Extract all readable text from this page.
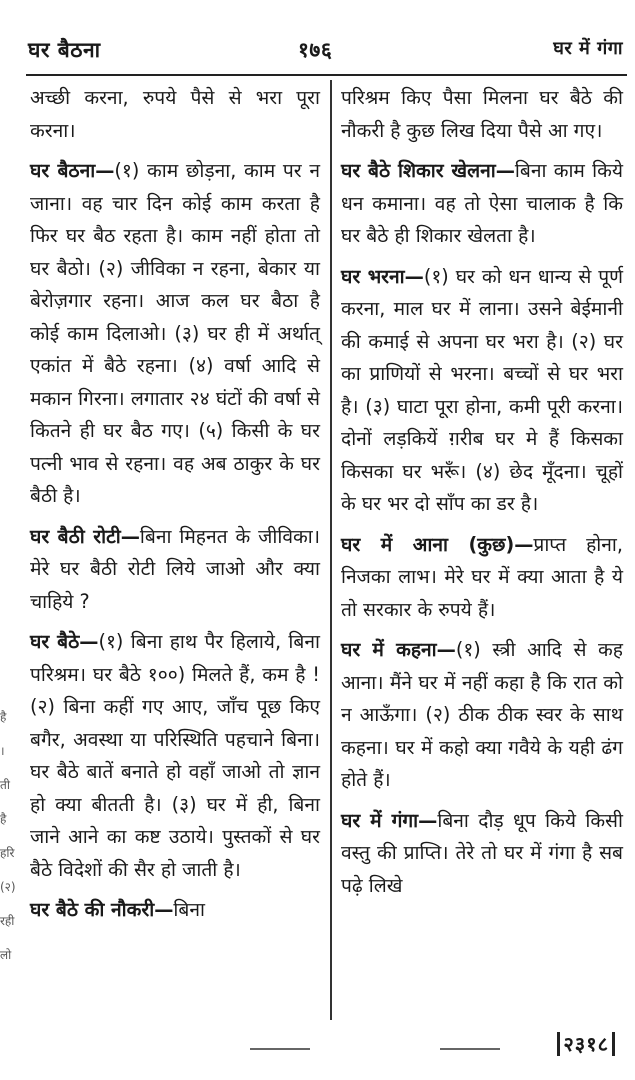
घर बैठना	१७६	घर में गंगा

अच्छी करना, रुपये पैसे से भरा पूरा करना।

घर बैठना—(१) काम छोड़ना, काम पर न जाना। वह चार दिन कोई काम करता है फिर घर बैठ रहता है। काम नहीं होता तो घर बैठो। (२) जीविका न रहना, बेकार या बेरोज़गार रहना। आज कल घर बैठा है कोई काम दिलाओ। (३) घर ही में अर्थात् एकांत में बैठे रहना। (४) वर्षा आदि से मकान गिरना। लगातार २४ घंटों की वर्षा से कितने ही घर बैठ गए। (५) किसी के घर पत्नी भाव से रहना। वह अब ठाकुर के घर बैठी है।

घर बैठी रोटी—बिना मिहनत के जीविका। मेरे घर बैठी रोटी लिये जाओ और क्या चाहिये ?

घर बैठे—(१) बिना हाथ पैर हिलाये, बिना परिश्रम। घर बैठे १००) मिलते हैं, कम है ! (२) बिना कहीं गए आए, जाँच पूछ किए बगैर, अवस्था या परिस्थिति पहचाने बिना। घर बैठे बातें बनाते हो वहाँ जाओ तो ज्ञान हो क्या बीतती है। (३) घर में ही, बिना जाने आने का कष्ट उठाये। पुस्तकों से घर बैठे विदेशों की सैर हो जाती है।

घर बैठे की नौकरी—बिना

परिश्रम किए पैसा मिलना घर बैठे की नौकरी है कुछ लिख दिया पैसे आ गए।

घर बैठे शिकार खेलना—बिना काम किये धन कमाना। वह तो ऐसा चालाक है कि घर बैठे ही शिकार खेलता है।

घर भरना—(१) घर को धन धान्य से पूर्ण करना, माल घर में लाना। उसने बेईमानी की कमाई से अपना घर भरा है। (२) घर का प्राणियों से भरना। बच्चों से घर भरा है। (३) घाटा पूरा होना, कमी पूरी करना। दोनों लड़कियें ग़रीब घर मे हैं किसका किसका घर भरूँ। (४) छेद मूँदना। चूहों के घर भर दो साँप का डर है।

घर में आना (कुछ)—प्राप्त होना, निजका लाभ। मेरे घर में क्या आता है ये तो सरकार के रुपये हैं।

घर में कहना—(१) स्त्री आदि से कह आना। मैंने घर में नहीं कहा है कि रात को न आऊँगा। (२) ठीक ठीक स्वर के साथ कहना। घर में कहो क्या गवैये के यही ढंग होते हैं।

घर में गंगा—बिना दौड़ धूप किये किसी वस्तु की प्राप्ति। तेरे तो घर में गंगा है सब पढ़े लिखे

है
।
ती
है
हरि
(२)
रही
लो
२३१८
